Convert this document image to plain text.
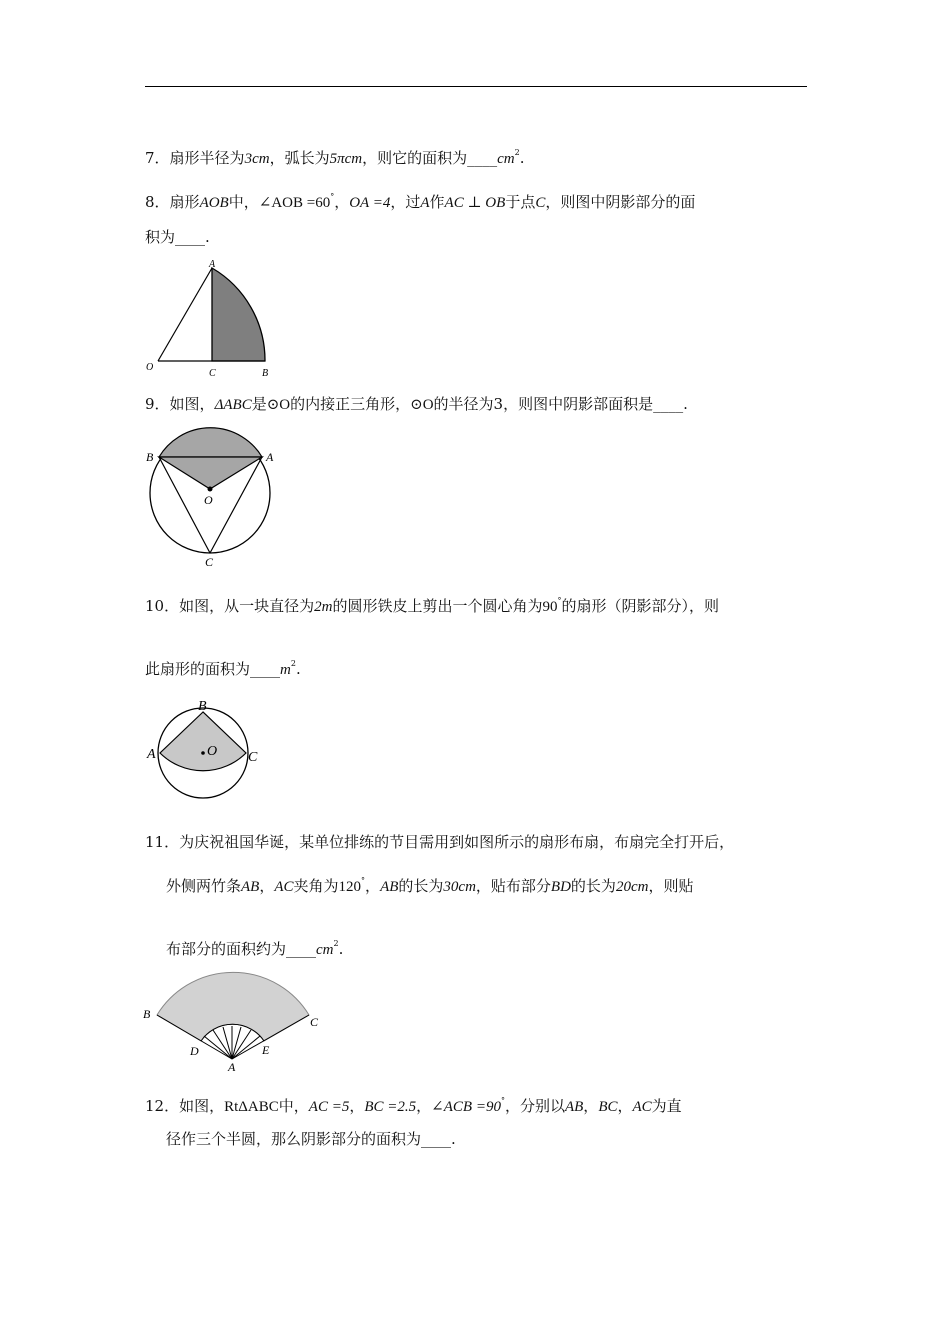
7．扇形半径为3cm，弧长为5πcm，则它的面积为$\_\_\_\_cm^2$.
8．扇形AOB中，∠AOB =60°，OA =4，过A作AC ⊥ OB于点C，则图中阴影部分的面
积为____.
A
O
C	B
9．如图，ΔABC是⊙O的内接正三角形，⊙O的半径为3，则图中阴影部面积是____.
B	A
O
C
10．如图，从一块直径为2m的圆形铁皮上剪出一个圆心角为90°的扇形（阴影部分），则
此扇形的面积为$\_\_\_\_m^2$.
B
A	O C
11．为庆祝祖国华诞，某单位排练的节目需用到如图所示的扇形布扇，布扇完全打开后，
外侧两竹条AB，AC夹角为120°，AB的长为30cm，贴布部分BD的长为20cm，则贴
布部分的面积约为$\_\_\_\_cm^2$.
B
C
D	E
A
12．如图，RtΔABC中，AC =5，BC =2.5，∠ACB =90°，分别以AB，BC，AC为直
径作三个半圆，那么阴影部分的面积为____.
